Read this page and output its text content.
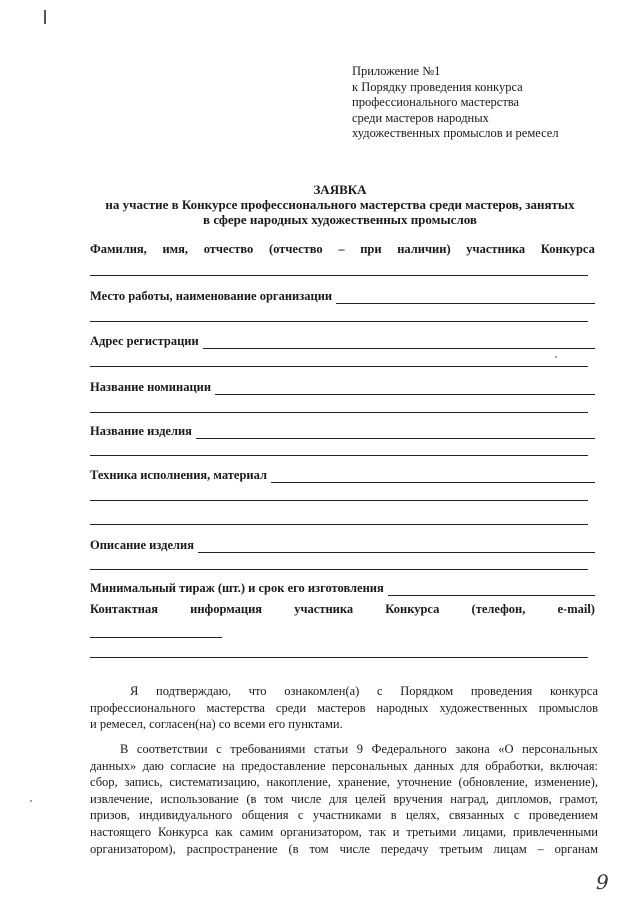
Приложение №1
к Порядку проведения конкурса
профессионального мастерства
среди мастеров народных
художественных промыслов и ремесел
ЗАЯВКА
на участие в Конкурсе профессионального мастерства среди мастеров, занятых
в сфере народных художественных промыслов
Фамилия, имя, отчество (отчество – при наличии) участника Конкурса
Место работы, наименование организации
Адрес регистрации
Название номинации
Название изделия
Техника исполнения, материал
Описание изделия
Минимальный тираж (шт.) и срок его изготовления
Контактная	информация	участника	Конкурса	(телефон,	e-mail)
Я подтверждаю, что ознакомлен(а) с Порядком проведения конкурса
профессионального мастерства среди мастеров народных художественных промыслов
и ремесел, согласен(на) со всеми его пунктами.
В соответствии с требованиями статьи 9 Федерального закона «О персональных
данных» даю согласие на предоставление персональных данных для обработки, включая:
сбор, запись, систематизацию, накопление, хранение, уточнение (обновление, изменение),
извлечение, использование (в том числе для целей вручения наград, дипломов, грамот,
призов, индивидуального общения с участниками в целях, связанных с проведением
настоящего Конкурса как самим организатором, так и третьими лицами, привлеченными
организатором), распространение (в том числе передачу третьим лицам – органам
9
